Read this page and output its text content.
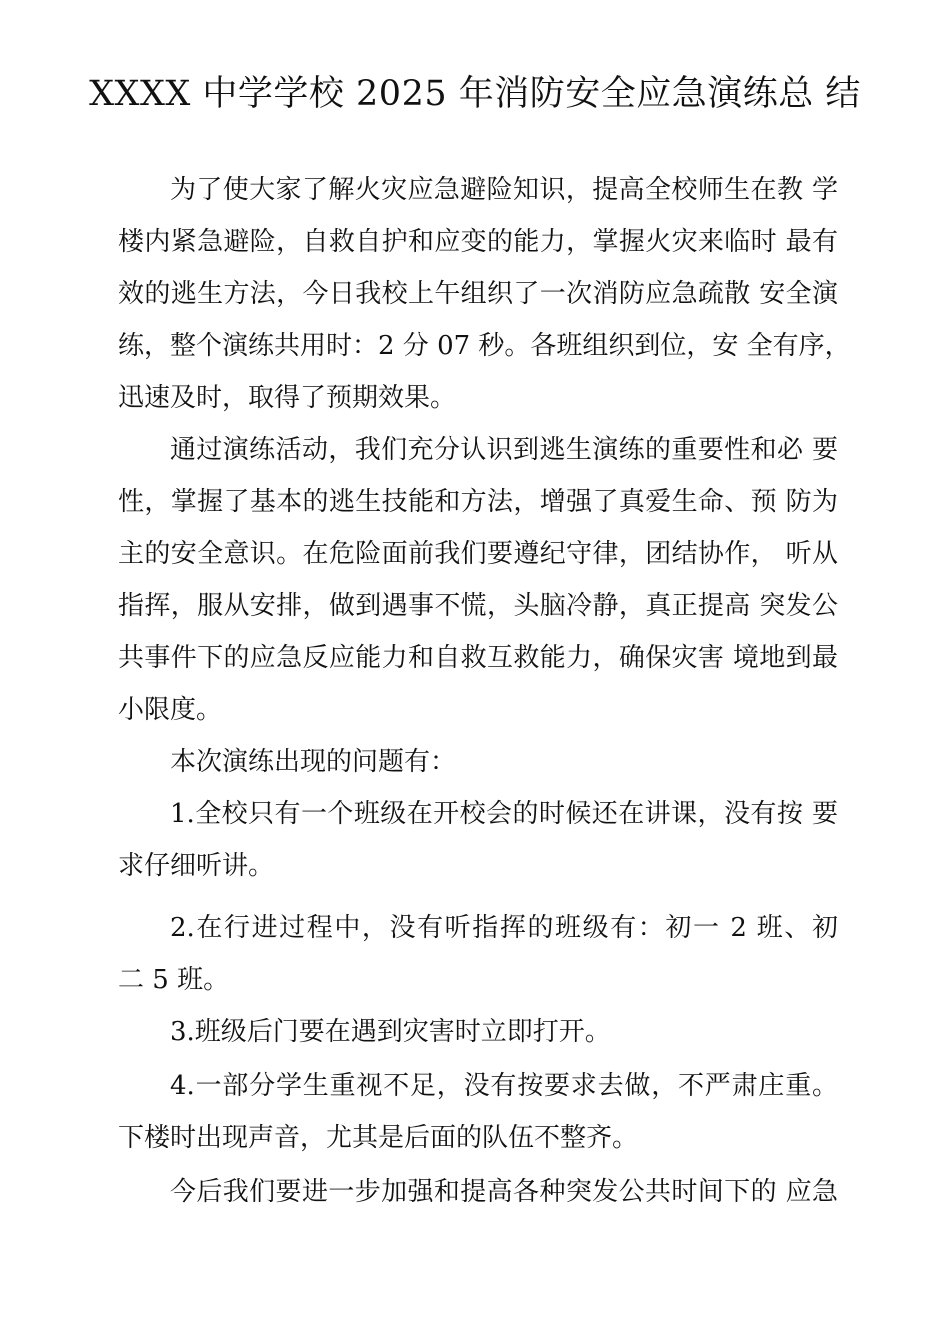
XXXX 中学学校 2025 年消防安全应急演练总 结

为了使大家了解火灾应急避险知识，提高全校师生在教 学

楼内紧急避险，自救自护和应变的能力，掌握火灾来临时 最有

效的逃生方法，今日我校上午组织了一次消防应急疏散 安全演

练，整个演练共用时：2 分 07 秒。各班组织到位，安 全有序，

迅速及时，取得了预期效果。

通过演练活动，我们充分认识到逃生演练的重要性和必 要

性，掌握了基本的逃生技能和方法，增强了真爱生命、预 防为

主的安全意识。在危险面前我们要遵纪守律，团结协作， 听从

指挥，服从安排，做到遇事不慌，头脑冷静，真正提高 突发公

共事件下的应急反应能力和自救互救能力，确保灾害 境地到最

小限度。

本次演练出现的问题有：

1.全校只有一个班级在开校会的时候还在讲课，没有按 要

求仔细听讲。

2.在行进过程中，没有听指挥的班级有：初一 2 班、初

二 5 班。

3.班级后门要在遇到灾害时立即打开。

4.一部分学生重视不足，没有按要求去做，不严肃庄重。

下楼时出现声音，尤其是后面的队伍不整齐。

今后我们要进一步加强和提高各种突发公共时间下的 应急
